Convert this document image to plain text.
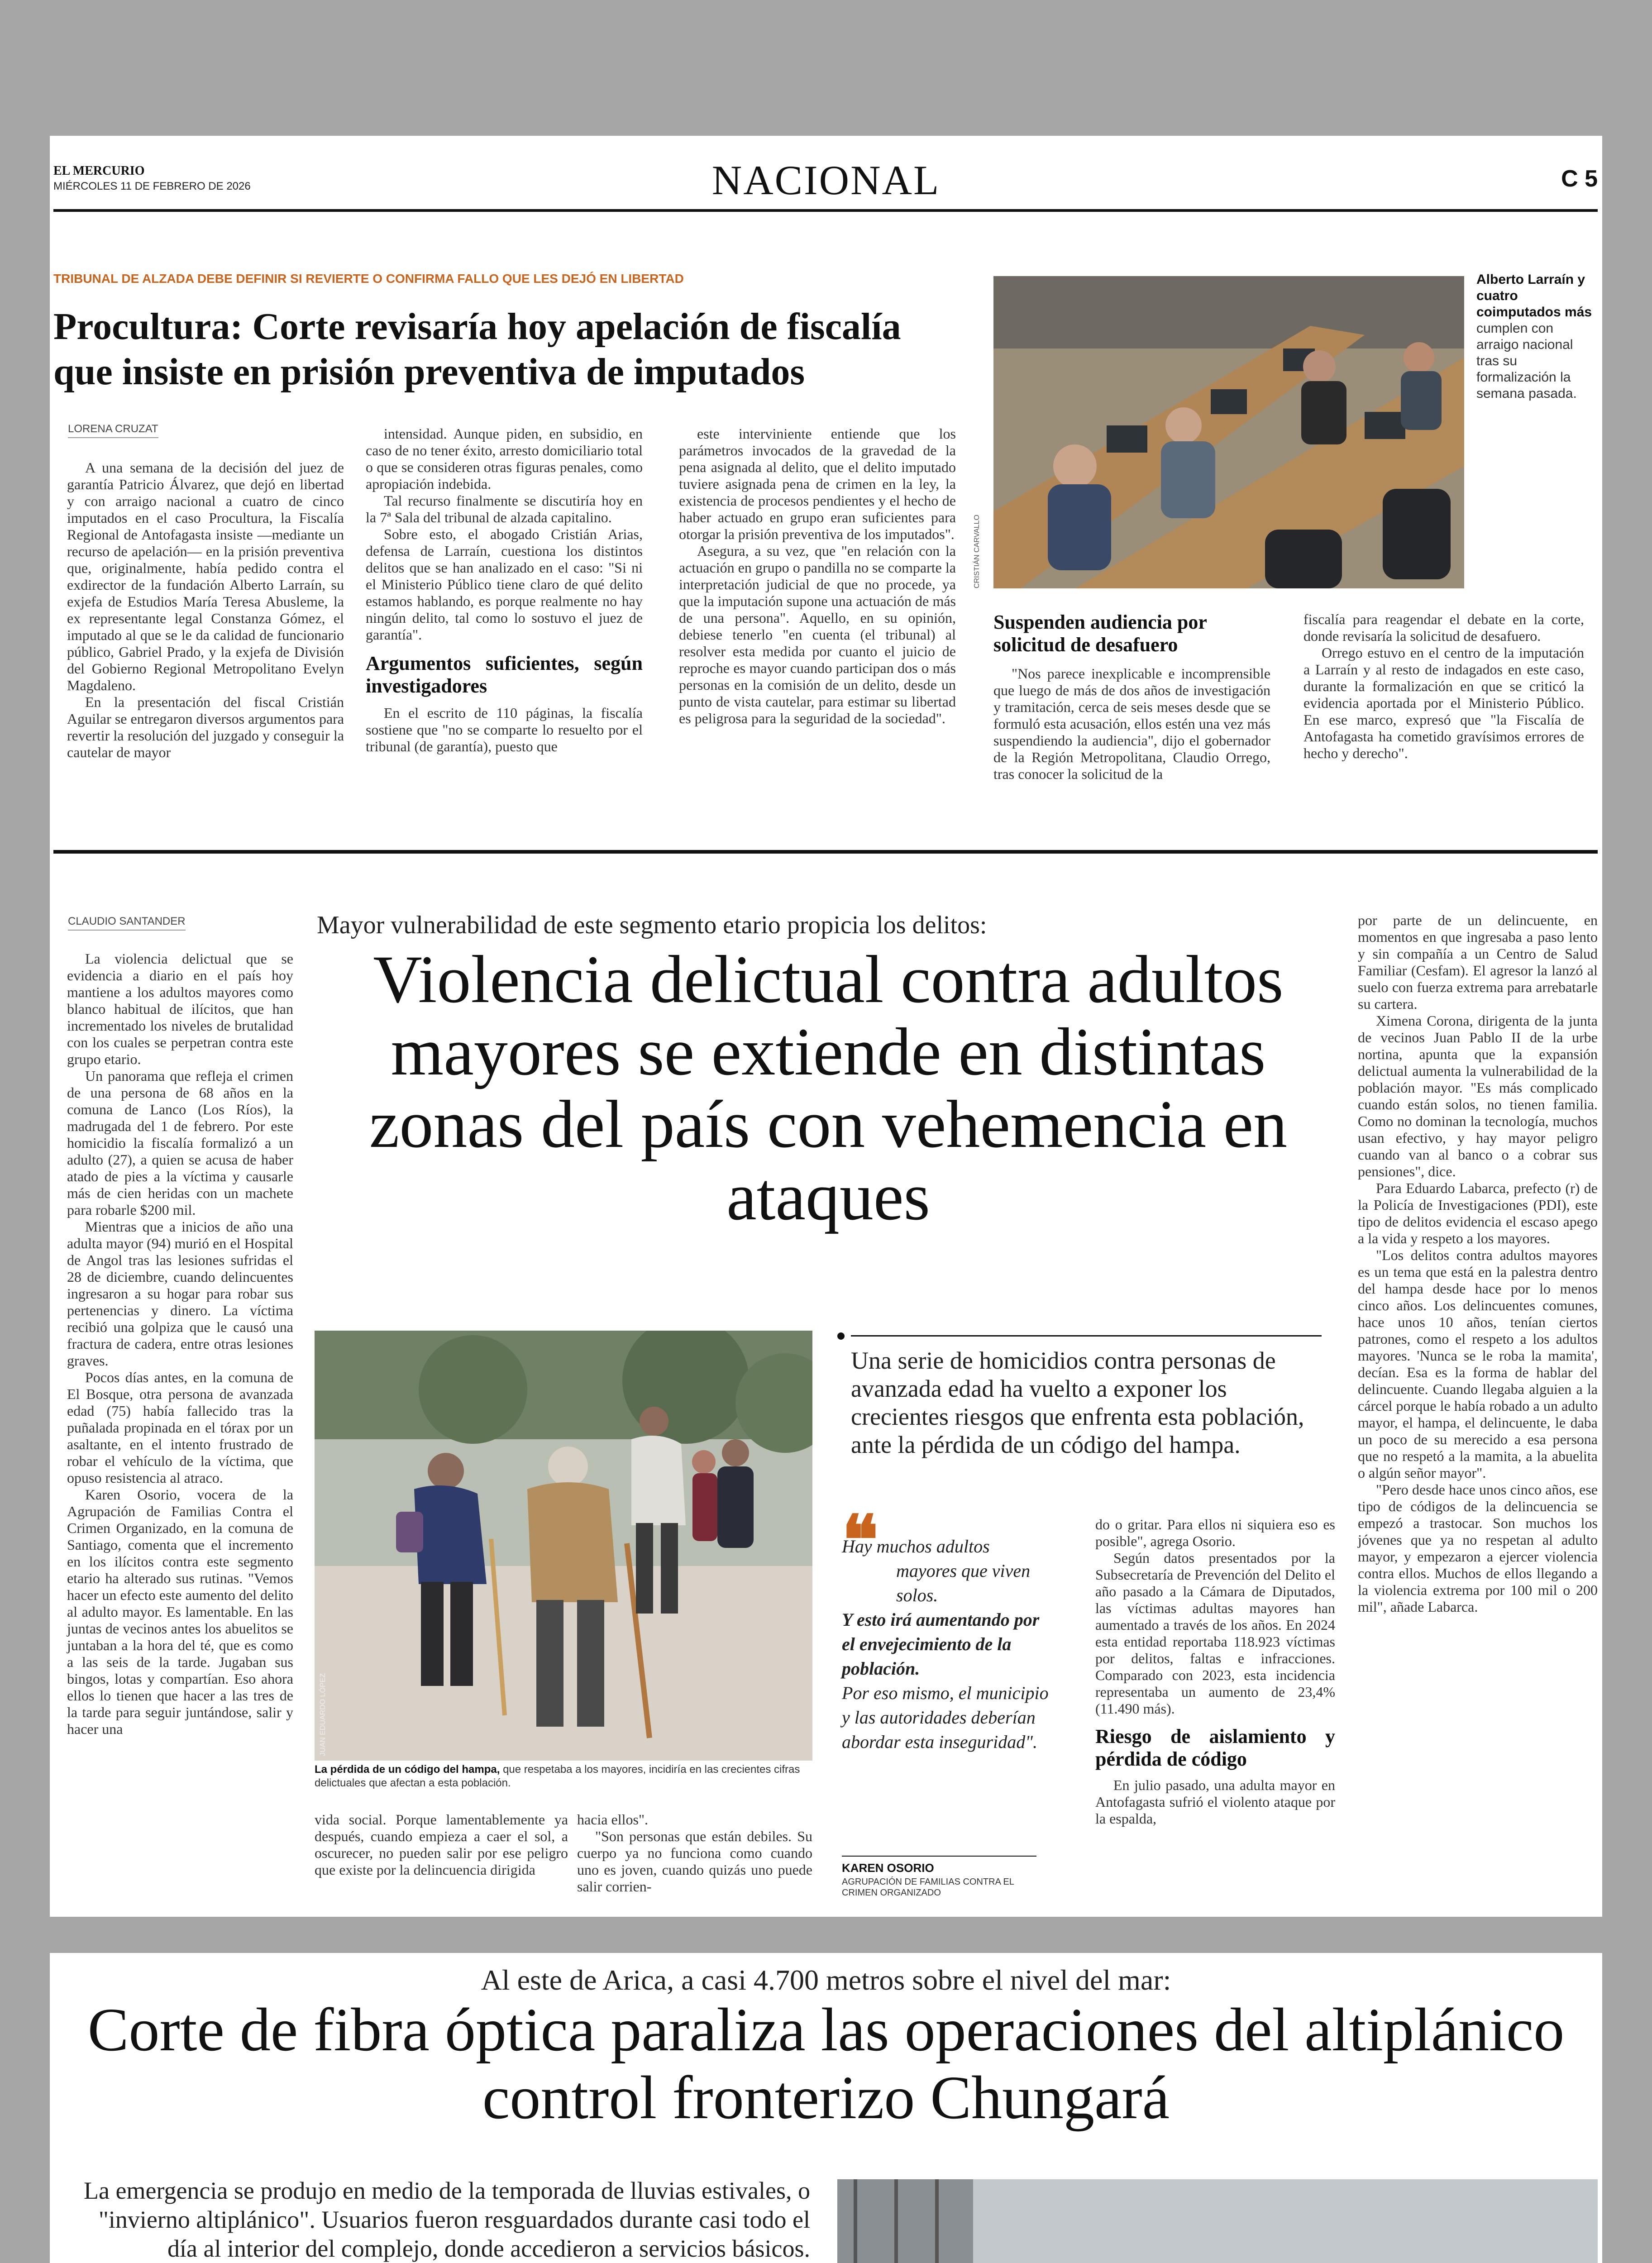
EL MERCURIO
MIÉRCOLES 11 DE FEBRERO DE 2026	NACIONAL	C 5
TRIBUNAL DE ALZADA DEBE DEFINIR SI REVIERTE O CONFIRMA FALLO QUE LES DEJÓ EN LIBERTAD
Procultura: Corte revisaría hoy apelación de fiscalía que insiste en prisión preventiva de imputados
LORENA CRUZAT

A una semana de la decisión del juez de garantía Patricio Álvarez, que dejó en libertad y con arraigo nacional a cuatro de cinco imputados en el caso Procultura, la Fiscalía Regional de Antofagasta insiste —mediante un recurso de apelación— en la prisión preventiva que, originalmente, había pedido contra el exdirector de la fundación Alberto Larraín, su exjefa de Estudios María Teresa Abusleme, la ex representante legal Constanza Gómez, el imputado al que se le da calidad de funcionario público, Gabriel Prado, y la exjefa de División del Gobierno Regional Metropolitano Evelyn Magdaleno.

En la presentación del fiscal Cristián Aguilar se entregaron diversos argumentos para revertir la resolución del juzgado y conseguir la cautelar de mayor

intensidad. Aunque piden, en subsidio, en caso de no tener éxito, arresto domiciliario total o que se consideren otras figuras penales, como apropiación indebida.

Tal recurso finalmente se discutiría hoy en la 7ª Sala del tribunal de alzada capitalino.

Sobre esto, el abogado Cristián Arias, defensa de Larraín, cuestiona los distintos delitos que se han analizado en el caso: "Si ni el Ministerio Público tiene claro de qué delito estamos hablando, es porque realmente no hay ningún delito, tal como lo sostuvo el juez de garantía".

Argumentos suficientes, según investigadores

En el escrito de 110 páginas, la fiscalía sostiene que "no se comparte lo resuelto por el tribunal (de garantía), puesto que

este interviniente entiende que los parámetros invocados de la gravedad de la pena asignada al delito, que el delito imputado tuviere asignada pena de crimen en la ley, la existencia de procesos pendientes y el hecho de haber actuado en grupo eran suficientes para otorgar la prisión preventiva de los imputados".

Asegura, a su vez, que "en relación con la actuación en grupo o pandilla no se comparte la interpretación judicial de que no procede, ya que la imputación supone una actuación de más de una persona". Aquello, en su opinión, debiese tenerlo "en cuenta (el tribunal) al resolver esta medida por cuanto el juicio de reproche es mayor cuando participan dos o más personas en la comisión de un delito, desde un punto de vista cautelar, para estimar su libertad es peligrosa para la seguridad de la sociedad".

CRISTIÁN CARVALLO
Alberto Larraín y cuatro coimputados más cumplen con arraigo nacional tras su formalización la semana pasada.
Suspenden audiencia por solicitud de desafuero

"Nos parece inexplicable e incomprensible que luego de más de dos años de investigación y tramitación, cerca de seis meses desde que se formuló esta acusación, ellos estén una vez más suspendiendo la audiencia", dijo el gobernador de la Región Metropolitana, Claudio Orrego, tras conocer la solicitud de la

fiscalía para reagendar el debate en la corte, donde revisaría la solicitud de desafuero.

Orrego estuvo en el centro de la imputación a Larraín y al resto de indagados en este caso, durante la formalización en que se criticó la evidencia aportada por el Ministerio Público. En ese marco, expresó que "la Fiscalía de Antofagasta ha cometido gravísimos errores de hecho y derecho".

CLAUDIO SANTANDER

La violencia delictual que se evidencia a diario en el país hoy mantiene a los adultos mayores como blanco habitual de ilícitos, que han incrementado los niveles de brutalidad con los cuales se perpetran contra este grupo etario.

Un panorama que refleja el crimen de una persona de 68 años en la comuna de Lanco (Los Ríos), la madrugada del 1 de febrero. Por este homicidio la fiscalía formalizó a un adulto (27), a quien se acusa de haber atado de pies a la víctima y causarle más de cien heridas con un machete para robarle $200 mil.

Mientras que a inicios de año una adulta mayor (94) murió en el Hospital de Angol tras las lesiones sufridas el 28 de diciembre, cuando delincuentes ingresaron a su hogar para robar sus pertenencias y dinero. La víctima recibió una golpiza que le causó una fractura de cadera, entre otras lesiones graves.

Pocos días antes, en la comuna de El Bosque, otra persona de avanzada edad (75) había fallecido tras la puñalada propinada en el tórax por un asaltante, en el intento frustrado de robar el vehículo de la víctima, que opuso resistencia al atraco.

Karen Osorio, vocera de la Agrupación de Familias Contra el Crimen Organizado, en la comuna de Santiago, comenta que el incremento en los ilícitos contra este segmento etario ha alterado sus rutinas. "Vemos hacer un efecto este aumento del delito al adulto mayor. Es lamentable. En las juntas de vecinos antes los abuelitos se juntaban a la hora del té, que es como a las seis de la tarde. Jugaban sus bingos, lotas y compartían. Eso ahora ellos lo tienen que hacer a las tres de la tarde para seguir juntándose, salir y hacer una

Mayor vulnerabilidad de este segmento etario propicia los delitos:
Violencia delictual contra adultos mayores se extiende en distintas zonas del país con vehemencia en ataques
JUAN EDUARDO LÓPEZ
La pérdida de un código del hampa, que respetaba a los mayores, incidiría en las crecientes cifras delictuales que afectan a esta población.

vida social. Porque lamentablemente ya después, cuando empieza a caer el sol, a oscurecer, no pueden salir por ese peligro que existe por la delincuencia dirigida

hacia ellos".

"Son personas que están debiles. Su cuerpo ya no funciona como cuando uno es joven, cuando quizás uno puede salir corrien-

Una serie de homicidios contra personas de avanzada edad ha vuelto a exponer los crecientes riesgos que enfrenta esta población, ante la pérdida de un código del hampa.
❝
Hay muchos adultos mayores que viven solos.
Y esto irá aumentando por el envejecimiento de la población.
Por eso mismo, el municipio y las autoridades deberían abordar esta inseguridad".
KAREN OSORIO
AGRUPACIÓN DE FAMILIAS CONTRA EL CRIMEN ORGANIZADO

do o gritar. Para ellos ni siquiera eso es posible", agrega Osorio.

Según datos presentados por la Subsecretaría de Prevención del Delito el año pasado a la Cámara de Diputados, las víctimas adultas mayores han aumentado a través de los años. En 2024 esta entidad reportaba 118.923 víctimas por delitos, faltas e infracciones. Comparado con 2023, esta incidencia representaba un aumento de 23,4% (11.490 más).

Riesgo de aislamiento y pérdida de código

En julio pasado, una adulta mayor en Antofagasta sufrió el violento ataque por la espalda,

por parte de un delincuente, en momentos en que ingresaba a paso lento y sin compañía a un Centro de Salud Familiar (Cesfam). El agresor la lanzó al suelo con fuerza extrema para arrebatarle su cartera.

Ximena Corona, dirigenta de la junta de vecinos Juan Pablo II de la urbe nortina, apunta que la expansión delictual aumenta la vulnerabilidad de la población mayor. "Es más complicado cuando están solos, no tienen familia. Como no dominan la tecnología, muchos usan efectivo, y hay mayor peligro cuando van al banco o a cobrar sus pensiones", dice.

Para Eduardo Labarca, prefecto (r) de la Policía de Investigaciones (PDI), este tipo de delitos evidencia el escaso apego a la vida y respeto a los mayores.

"Los delitos contra adultos mayores es un tema que está en la palestra dentro del hampa desde hace por lo menos cinco años. Los delincuentes comunes, hace unos 10 años, tenían ciertos patrones, como el respeto a los adultos mayores. 'Nunca se le roba la mamita', decían. Esa es la forma de hablar del delincuente. Cuando llegaba alguien a la cárcel porque le había robado a un adulto mayor, el hampa, el delincuente, le daba un poco de su merecido a esa persona que no respetó a la mamita, a la abuelita o algún señor mayor".

"Pero desde hace unos cinco años, ese tipo de códigos de la delincuencia se empezó a trastocar. Son muchos los jóvenes que ya no respetan al adulto mayor, y empezaron a ejercer violencia contra ellos. Muchos de ellos llegando a la violencia extrema por 100 mil o 200 mil", añade Labarca.

Al este de Arica, a casi 4.700 metros sobre el nivel del mar:
Corte de fibra óptica paraliza las operaciones del altiplánico control fronterizo Chungará
La emergencia se produjo en medio de la temporada de lluvias estivales, o "invierno altiplánico". Usuarios fueron resguardados durante casi todo el día al interior del complejo, donde accedieron a servicios básicos.
